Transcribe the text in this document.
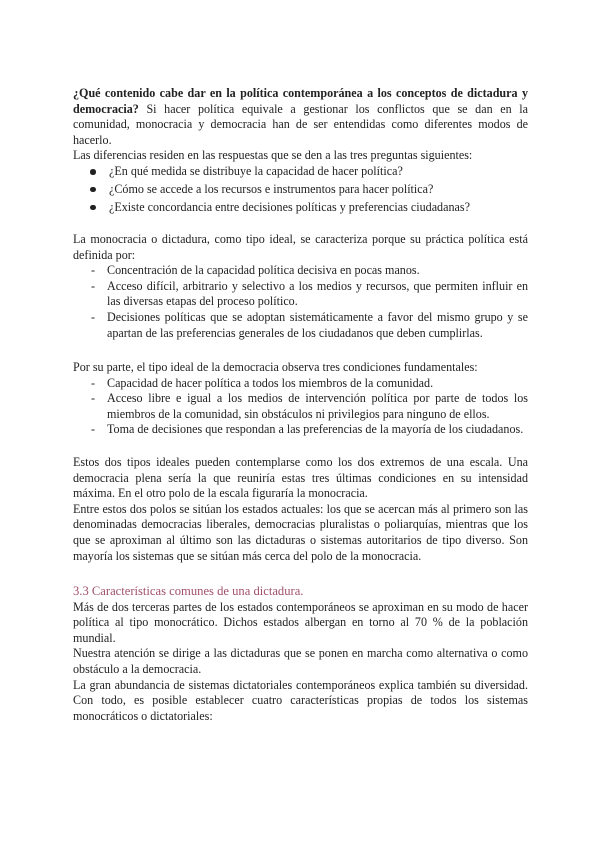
¿Qué contenido cabe dar en la política contemporánea a los conceptos de dictadura y democracia? Si hacer política equivale a gestionar los conflictos que se dan en la comunidad, monocracia y democracia han de ser entendidas como diferentes modos de hacerlo.

Las diferencias residen en las respuestas que se den a las tres preguntas siguientes:

¿En qué medida se distribuye la capacidad de hacer política?
¿Cómo se accede a los recursos e instrumentos para hacer política?
¿Existe concordancia entre decisiones políticas y preferencias ciudadanas?

La monocracia o dictadura, como tipo ideal, se caracteriza porque su práctica política está definida por:

- Concentración de la capacidad política decisiva en pocas manos.
- Acceso difícil, arbitrario y selectivo a los medios y recursos, que permiten influir en las diversas etapas del proceso político.
- Decisiones políticas que se adoptan sistemáticamente a favor del mismo grupo y se apartan de las preferencias generales de los ciudadanos que deben cumplirlas.

Por su parte, el tipo ideal de la democracia observa tres condiciones fundamentales:

- Capacidad de hacer política a todos los miembros de la comunidad.
- Acceso libre e igual a los medios de intervención política por parte de todos los miembros de la comunidad, sin obstáculos ni privilegios para ninguno de ellos.
- Toma de decisiones que respondan a las preferencias de la mayoría de los ciudadanos.

Estos dos tipos ideales pueden contemplarse como los dos extremos de una escala. Una democracia plena sería la que reuniría estas tres últimas condiciones en su intensidad máxima. En el otro polo de la escala figuraría la monocracia.

Entre estos dos polos se sitúan los estados actuales: los que se acercan más al primero son las denominadas democracias liberales, democracias pluralistas o poliarquías, mientras que los que se aproximan al último son las dictaduras o sistemas autoritarios de tipo diverso. Son mayoría los sistemas que se sitúan más cerca del polo de la monocracia.

3.3 Características comunes de una dictadura.

Más de dos terceras partes de los estados contemporáneos se aproximan en su modo de hacer política al tipo monocrático. Dichos estados albergan en torno al 70 % de la población mundial.

Nuestra atención se dirige a las dictaduras que se ponen en marcha como alternativa o como obstáculo a la democracia.

La gran abundancia de sistemas dictatoriales contemporáneos explica también su diversidad. Con todo, es posible establecer cuatro características propias de todos los sistemas monocráticos o dictatoriales:
